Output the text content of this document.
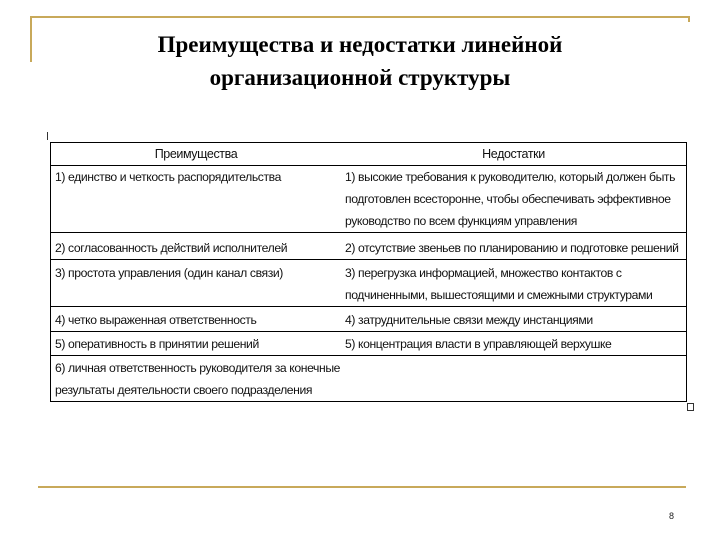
Преимущества и недостатки линейной
организационной структуры
Преимущества	Недостатки
1) единство и четкость распорядительства	1) высокие требования к руководителю, который должен быть
подготовлен всесторонне, чтобы обеспечивать эффективное
руководство по всем функциям управления
2) согласованность действий исполнителей	2) отсутствие звеньев по планированию и подготовке решений
3) простота управления (один канал связи)	3) перегрузка информацией, множество контактов с
подчиненными, вышестоящими и смежными структурами
4) четко выраженная ответственность	4) затруднительные связи между инстанциями
5) оперативность в принятии решений	5) концентрация власти в управляющей верхушке
6) личная ответственность руководителя за конечные
результаты деятельности своего подразделения
8
